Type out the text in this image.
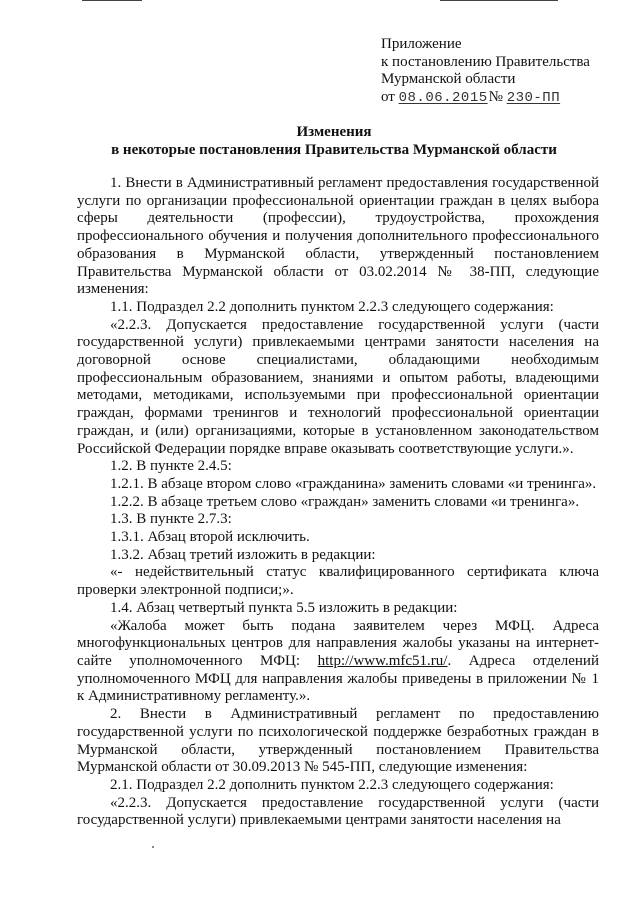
Приложение
к постановлению Правительства
Мурманской области
от 08.06.2015№ 230-ПП
Изменения
в некоторые постановления Правительства Мурманской области

1. Внести в Административный регламент предоставления государственной услуги по организации профессиональной ориентации граждан в целях выбора сферы деятельности (профессии), трудоустройства, прохождения профессионального обучения и получения дополнительного профессионального образования в Мурманской области, утвержденный постановлением Правительства Мурманской области от 03.02.2014 № 38-ПП, следующие изменения:

1.1. Подраздел 2.2 дополнить пунктом 2.2.3 следующего содержания:

«2.2.3. Допускается предоставление государственной услуги (части государственной услуги) привлекаемыми центрами занятости населения на договорной основе специалистами, обладающими необходимым профессиональным образованием, знаниями и опытом работы, владеющими методами, методиками, используемыми при профессиональной ориентации граждан, формами тренингов и технологий профессиональной ориентации граждан, и (или) организациями, которые в установленном законодательством Российской Федерации порядке вправе оказывать соответствующие услуги.».

1.2. В пункте 2.4.5:

1.2.1. В абзаце втором слово «гражданина» заменить словами «и тренинга».

1.2.2. В абзаце третьем слово «граждан» заменить словами «и тренинга».

1.3. В пункте 2.7.3:

1.3.1. Абзац второй исключить.

1.3.2. Абзац третий изложить в редакции:

«- недействительный статус квалифицированного сертификата ключа проверки электронной подписи;».

1.4. Абзац четвертый пункта 5.5 изложить в редакции:

«Жалоба может быть подана заявителем через МФЦ. Адреса многофункциональных центров для направления жалобы указаны на интернет-сайте уполномоченного МФЦ: http://www.mfc51.ru/. Адреса отделений уполномоченного МФЦ для направления жалобы приведены в приложении № 1 к Административному регламенту.».

2. Внести в Административный регламент по предоставлению государственной услуги по психологической поддержке безработных граждан в Мурманской области, утвержденный постановлением Правительства Мурманской области от 30.09.2013 № 545-ПП, следующие изменения:

2.1. Подраздел 2.2 дополнить пунктом 2.2.3 следующего содержания:

«2.2.3. Допускается предоставление государственной услуги (части государственной услуги) привлекаемыми центрами занятости населения на
